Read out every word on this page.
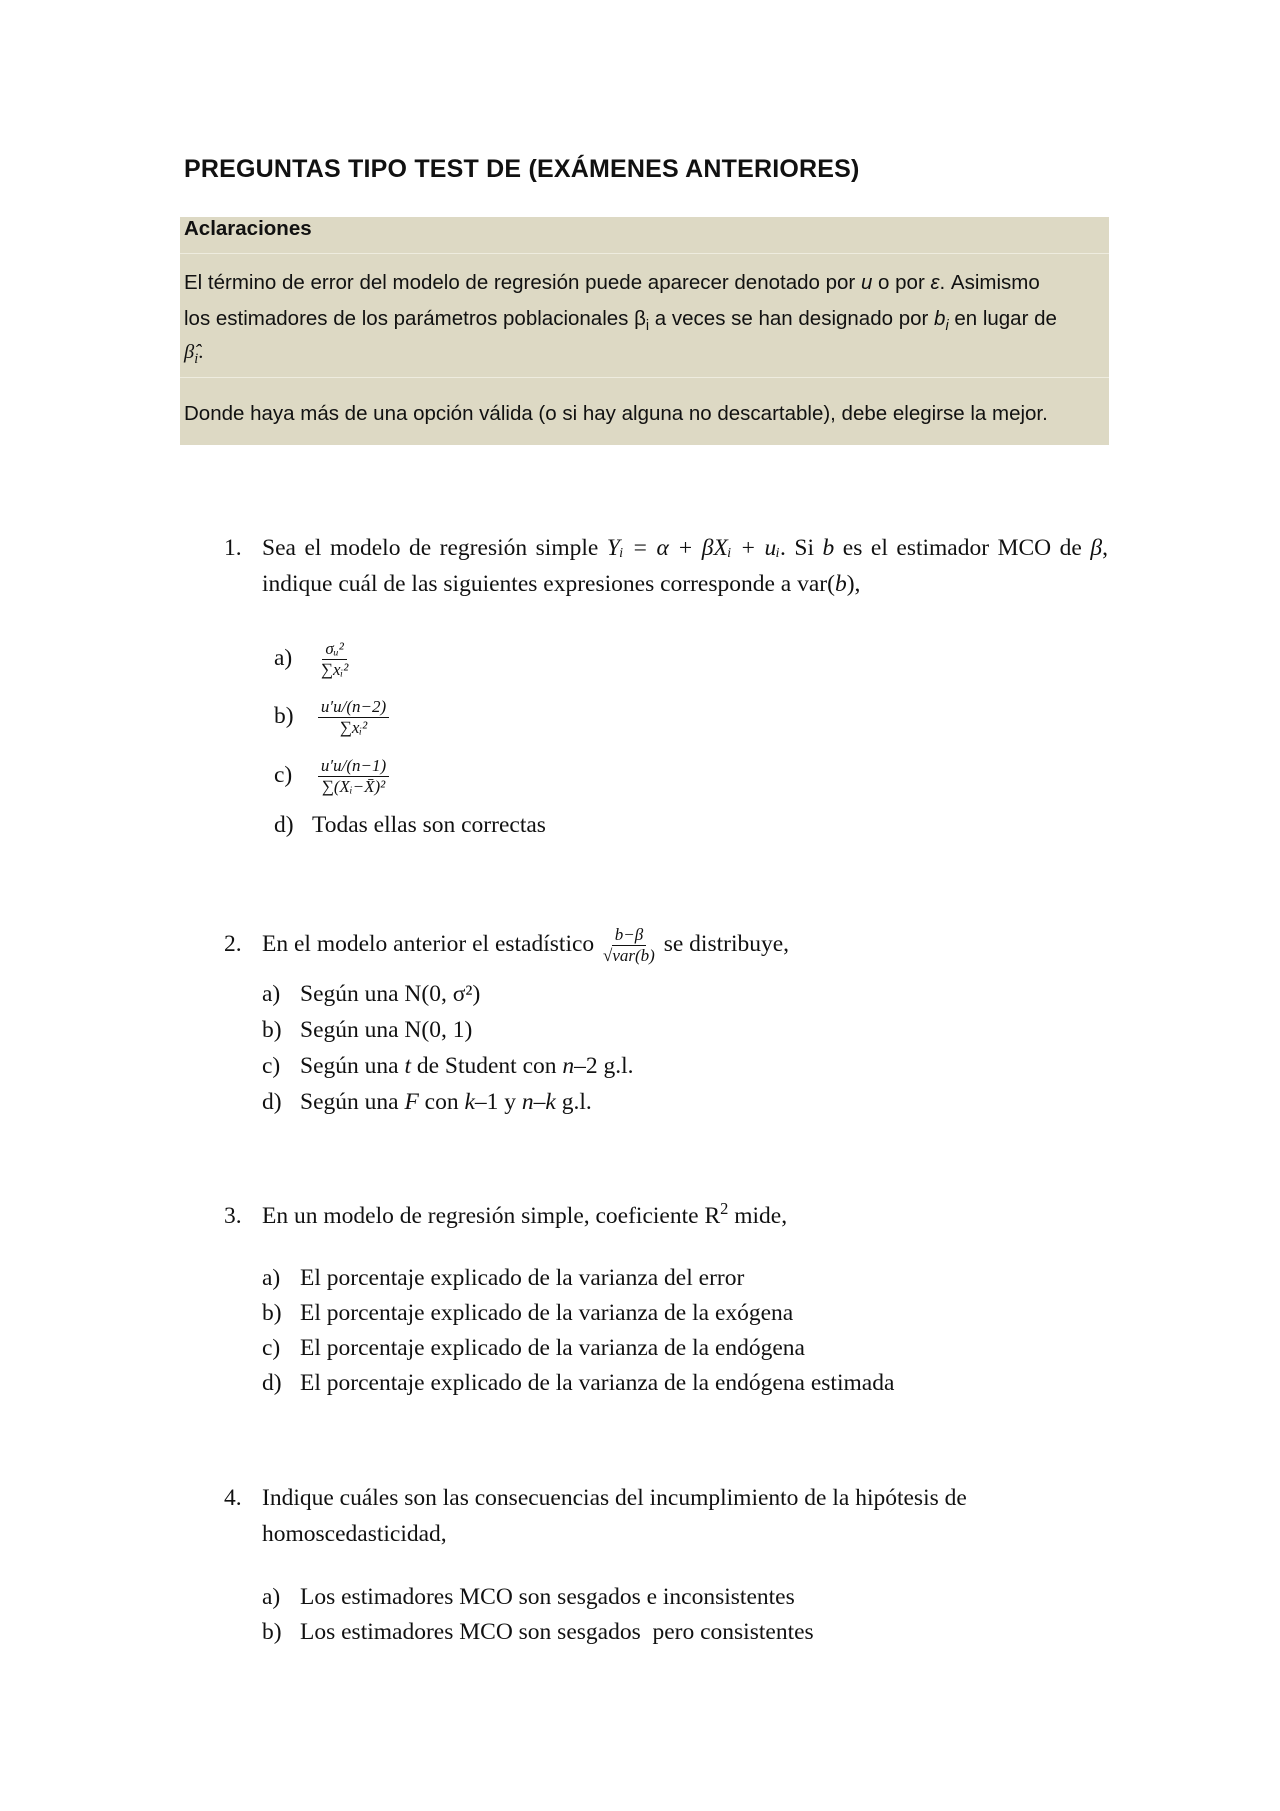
PREGUNTAS TIPO TEST DE (EXÁMENES ANTERIORES)
Aclaraciones
El término de error del modelo de regresión puede aparecer denotado por u o por ε. Asimismo
los estimadores de los parámetros poblacionales $\beta_i$ a veces se han designado por $b_i$ en lugar de
$\betâ_i$.
Donde haya más de una opción válida (o si hay alguna no descartable), debe elegirse la mejor.
1. Sea el modelo de regresión simple Yᵢ = α + βXᵢ + uᵢ. Si b es el estimador MCO de β, indique cuál de las siguientes expresiones corresponde a var(b),
$a) \frac{\text{σᵤ²}}{\text{∑xᵢ²}}$
$b) \frac{u'u/(n-2)}{\text{∑xᵢ²}}$
$c) \frac{u'u/(n-1)}{\text{∑(Xᵢ−X̄)²}}$
d) Todas ellas son correctas
2. En el modelo anterior el estadístico $\frac{b-\beta}{\text{√var(b)}}$ se distribuye,
a) Según una N(0, σ²)
b) Según una N(0, 1)
c) Según una t de Student con n–2 g.l.
d) Según una F con k–1 y n–k g.l.
3. En un modelo de regresión simple, coeficiente $R^2$ mide,
a) El porcentaje explicado de la varianza del error
b) El porcentaje explicado de la varianza de la exógena
c) El porcentaje explicado de la varianza de la endógena
d) El porcentaje explicado de la varianza de la endógena estimada
4. Indique cuáles son las consecuencias del incumplimiento de la hipótesis de homoscedasticidad,
a) Los estimadores MCO son sesgados e inconsistentes
b) Los estimadores MCO son sesgados  pero consistentes
